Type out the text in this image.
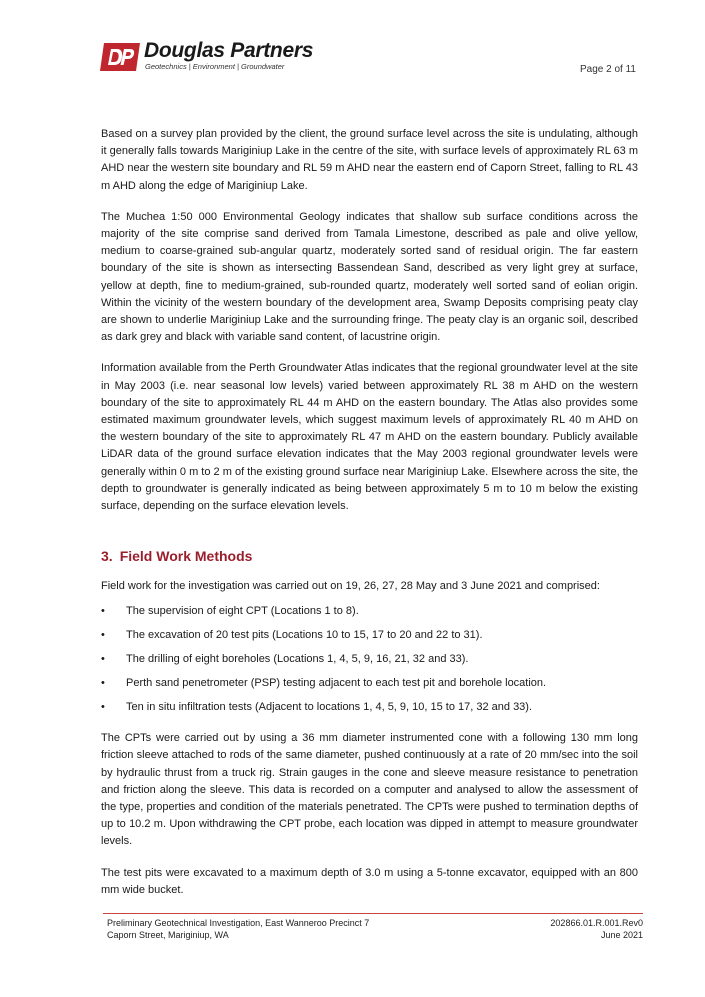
Douglas Partners
Geotechnics | Environment | Groundwater	Page 2 of 11

Based on a survey plan provided by the client, the ground surface level across the site is undulating, although it generally falls towards Mariginiup Lake in the centre of the site, with surface levels of approximately RL 63 m AHD near the western site boundary and RL 59 m AHD near the eastern end of Caporn Street, falling to RL 43 m AHD along the edge of Mariginiup Lake.

The Muchea 1:50 000 Environmental Geology indicates that shallow sub surface conditions across the majority of the site comprise sand derived from Tamala Limestone, described as pale and olive yellow, medium to coarse-grained sub-angular quartz, moderately sorted sand of residual origin. The far eastern boundary of the site is shown as intersecting Bassendean Sand, described as very light grey at surface, yellow at depth, fine to medium-grained, sub-rounded quartz, moderately well sorted sand of eolian origin. Within the vicinity of the western boundary of the development area, Swamp Deposits comprising peaty clay are shown to underlie Mariginiup Lake and the surrounding fringe. The peaty clay is an organic soil, described as dark grey and black with variable sand content, of lacustrine origin.

Information available from the Perth Groundwater Atlas indicates that the regional groundwater level at the site in May 2003 (i.e. near seasonal low levels) varied between approximately RL 38 m AHD on the western boundary of the site to approximately RL 44 m AHD on the eastern boundary. The Atlas also provides some estimated maximum groundwater levels, which suggest maximum levels of approximately RL 40 m AHD on the western boundary of the site to approximately RL 47 m AHD on the eastern boundary. Publicly available LiDAR data of the ground surface elevation indicates that the May 2003 regional groundwater levels were generally within 0 m to 2 m of the existing ground surface near Mariginiup Lake. Elsewhere across the site, the depth to groundwater is generally indicated as being between approximately 5 m to 10 m below the existing surface, depending on the surface elevation levels.

3. Field Work Methods

Field work for the investigation was carried out on 19, 26, 27, 28 May and 3 June 2021 and comprised:

• The supervision of eight CPT (Locations 1 to 8).
• The excavation of 20 test pits (Locations 10 to 15, 17 to 20 and 22 to 31).
• The drilling of eight boreholes (Locations 1, 4, 5, 9, 16, 21, 32 and 33).
• Perth sand penetrometer (PSP) testing adjacent to each test pit and borehole location.
• Ten in situ infiltration tests (Adjacent to locations 1, 4, 5, 9, 10, 15 to 17, 32 and 33).

The CPTs were carried out by using a 36 mm diameter instrumented cone with a following 130 mm long friction sleeve attached to rods of the same diameter, pushed continuously at a rate of 20 mm/sec into the soil by hydraulic thrust from a truck rig. Strain gauges in the cone and sleeve measure resistance to penetration and friction along the sleeve. This data is recorded on a computer and analysed to allow the assessment of the type, properties and condition of the materials penetrated. The CPTs were pushed to termination depths of up to 10.2 m. Upon withdrawing the CPT probe, each location was dipped in attempt to measure groundwater levels.

The test pits were excavated to a maximum depth of 3.0 m using a 5-tonne excavator, equipped with an 800 mm wide bucket.

Preliminary Geotechnical Investigation, East Wanneroo Precinct 7
Caporn Street, Mariginiup, WA
202866.01.R.001.Rev0
June 2021
